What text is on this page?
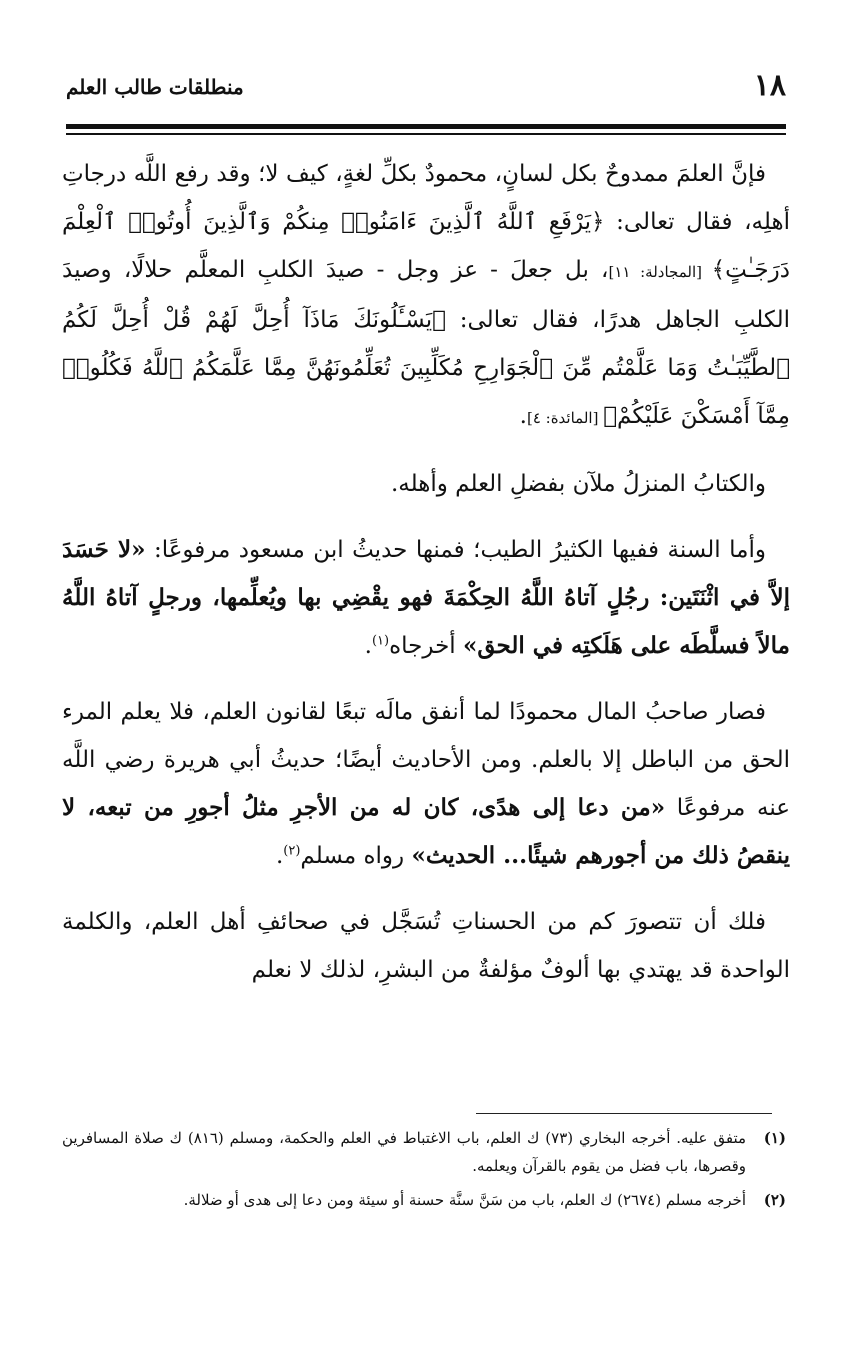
١٨
منطلقات طالب العلم

فإنَّ العلمَ ممدوحٌ بكل لسانٍ، محمودٌ بكلِّ لغةٍ، كيف لا؛ وقد رفع اللَّه درجاتِ أهلِه، فقال تعالى: ﴿يَرْفَعِ ٱللَّهُ ٱلَّذِينَ ءَامَنُوا۟ مِنكُمْ وَٱلَّذِينَ أُوتُوا۟ ٱلْعِلْمَ دَرَجَـٰتٍ﴾ [المجادلة: ١١]، بل جعلَ - عز وجل - صيدَ الكلبِ المعلَّم حلالًا، وصيدَ الكلبِ الجاهل هدرًا، فقال تعالى: ﴿يَسْـَٔلُونَكَ مَاذَآ أُحِلَّ لَهُمْ قُلْ أُحِلَّ لَكُمُ ٱلطَّيِّبَـٰتُ وَمَا عَلَّمْتُم مِّنَ ٱلْجَوَارِحِ مُكَلِّبِينَ تُعَلِّمُونَهُنَّ مِمَّا عَلَّمَكُمُ ٱللَّهُ فَكُلُوا۟ مِمَّآ أَمْسَكْنَ عَلَيْكُمْ﴾ [المائدة: ٤].

والكتابُ المنزلُ ملآن بفضلِ العلم وأهله.

وأما السنة ففيها الكثيرُ الطيب؛ فمنها حديثُ ابن مسعود مرفوعًا: «لا حَسَدَ إلاَّ في اثْنَتَين: رجُلٍ آتاهُ اللَّهُ الحِكْمَةَ فهو يقْضِي بها ويُعلِّمها، ورجلٍ آتاهُ اللَّهُ مالاً فسلَّطَه على هَلَكتِه في الحق» أخرجاه$^{(١)}$.

فصار صاحبُ المال محمودًا لما أنفق مالَه تبعًا لقانون العلم، فلا يعلم المرء الحق من الباطل إلا بالعلم. ومن الأحاديث أيضًا؛ حديثُ أبي هريرة رضي اللَّه عنه مرفوعًا «من دعا إلى هدًى، كان له من الأجرِ مثلُ أجورِ من تبعه، لا ينقصُ ذلك من أجورهم شيئًا... الحديث» رواه مسلم$^{(٢)}$.

فلك أن تتصورَ كم من الحسناتِ تُسَجَّل في صحائفِ أهل العلم، والكلمة الواحدة قد يهتدي بها ألوفٌ مؤلفةٌ من البشرِ، لذلك لا نعلم

(١)
متفق عليه. أخرجه البخاري (٧٣) ك العلم، باب الاغتباط في العلم والحكمة، ومسلم (٨١٦) ك صلاة المسافرين وقصرها، باب فضل من يقوم بالقرآن ويعلمه.
(٢)
أخرجه مسلم (٢٦٧٤) ك العلم، باب من سَنَّ سنَّة حسنة أو سيئة ومن دعا إلى هدى أو ضلالة.
